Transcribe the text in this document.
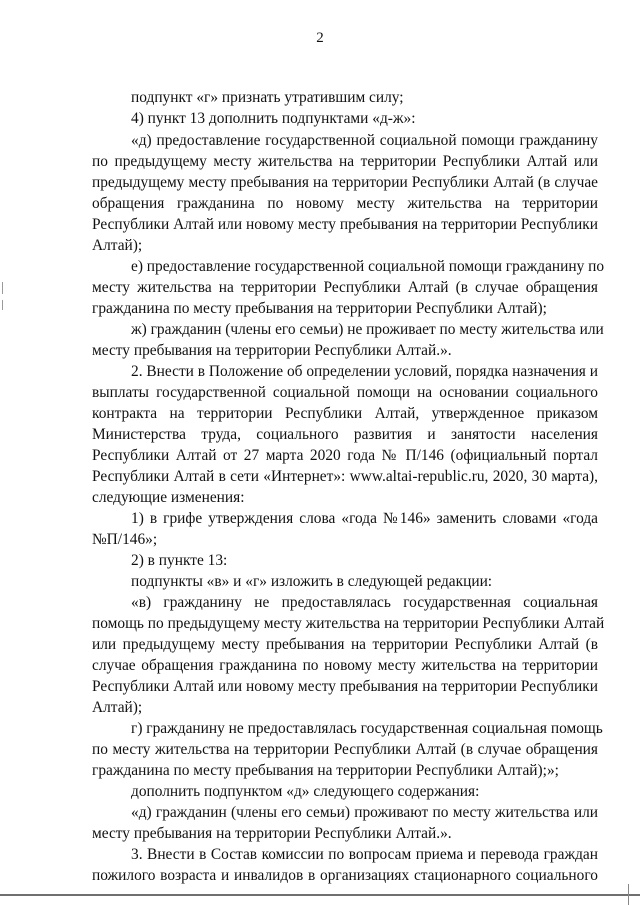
2
подпункт «г» признать утратившим силу;
4) пункт 13 дополнить подпунктами «д-ж»:
«д) предоставление государственной социальной помощи гражданину
по предыдущему месту жительства на территории Республики Алтай или
предыдущему месту пребывания на территории Республики Алтай (в случае
обращения гражданина по новому месту жительства на территории
Республики Алтай или новому месту пребывания на территории Республики
Алтай);
е) предоставление государственной социальной помощи гражданину по
месту жительства на территории Республики Алтай (в случае обращения
гражданина по месту пребывания на территории Республики Алтай);
ж) гражданин (члены его семьи) не проживает по месту жительства или
месту пребывания на территории Республики Алтай.».
2. Внести в Положение об определении условий, порядка назначения и
выплаты государственной социальной помощи на основании социального
контракта на территории Республики Алтай, утвержденное приказом
Министерства труда, социального развития и занятости населения
Республики Алтай от 27 марта 2020 года № П/146 (официальный портал
Республики Алтай в сети «Интернет»: www.altai-republic.ru, 2020, 30 марта),
следующие изменения:
1) в грифе утверждения слова «года №146» заменить словами «года
№П/146»;
2) в пункте 13:
подпункты «в» и «г» изложить в следующей редакции:
«в) гражданину не предоставлялась государственная социальная
помощь по предыдущему месту жительства на территории Республики Алтай
или предыдущему месту пребывания на территории Республики Алтай (в
случае обращения гражданина по новому месту жительства на территории
Республики Алтай или новому месту пребывания на территории Республики
Алтай);
г) гражданину не предоставлялась государственная социальная помощь
по месту жительства на территории Республики Алтай (в случае обращения
гражданина по месту пребывания на территории Республики Алтай);»;
дополнить подпунктом «д» следующего содержания:
«д) гражданин (члены его семьи) проживают по месту жительства или
месту пребывания на территории Республики Алтай.».
3. Внести в Состав комиссии по вопросам приема и перевода граждан
пожилого возраста и инвалидов в организациях стационарного социального
